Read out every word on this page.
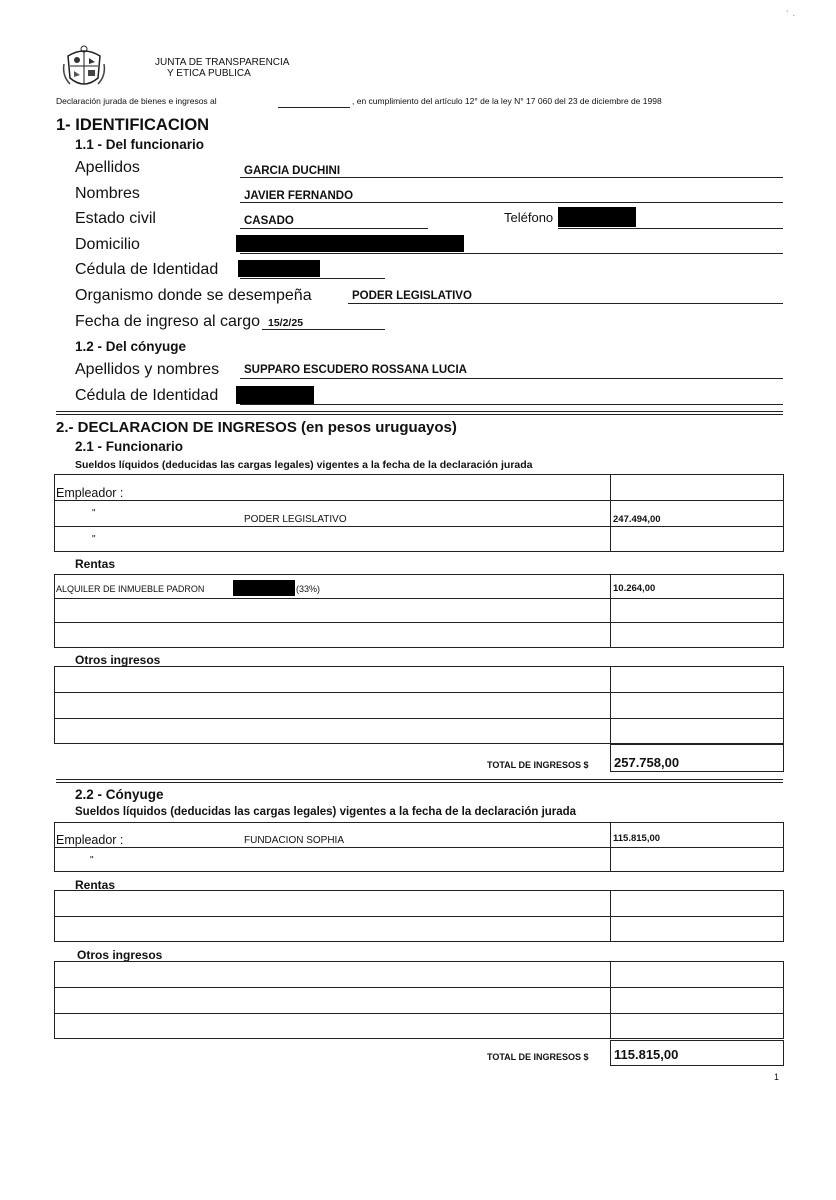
´ ·
JUNTA DE TRANSPARENCIA
Y ETICA PUBLICA
Declaración jurada de bienes e ingresos al	, en cumplimiento del artículo 12° de la ley N° 17 060 del 23 de diciembre de 1998
1- IDENTIFICACION
1.1 - Del funcionario
Apellidos	GARCIA DUCHINI
Nombres	JAVIER FERNANDO
Estado civil	CASADO	Teléfono
Domicilio
Cédula de Identidad
Organismo donde se desempeña	PODER LEGISLATIVO
Fecha de ingreso al cargo 15/2/25
1.2 - Del cónyuge
Apellidos y nombres SUPPARO ESCUDERO ROSSANA LUCIA
Cédula de Identidad
2.- DECLARACION DE INGRESOS (en pesos uruguayos)
2.1 - Funcionario
Sueldos líquidos (deducidas las cargas legales) vigentes a la fecha de la declaración jurada
Empleador :
"
PODER LEGISLATIVO	247.494,00
"
Rentas
ALQUILER DE INMUEBLE PADRON	(33%)	10.264,00
Otros ingresos
TOTAL DE INGRESOS $ 257.758,00
2.2 - Cónyuge
Sueldos líquidos (deducidas las cargas legales) vigentes a la fecha de la declaración jurada
Empleador :	FUNDACION SOPHIA	115.815,00
"
Rentas
Otros ingresos
TOTAL DE INGRESOS $ 115.815,00
1
